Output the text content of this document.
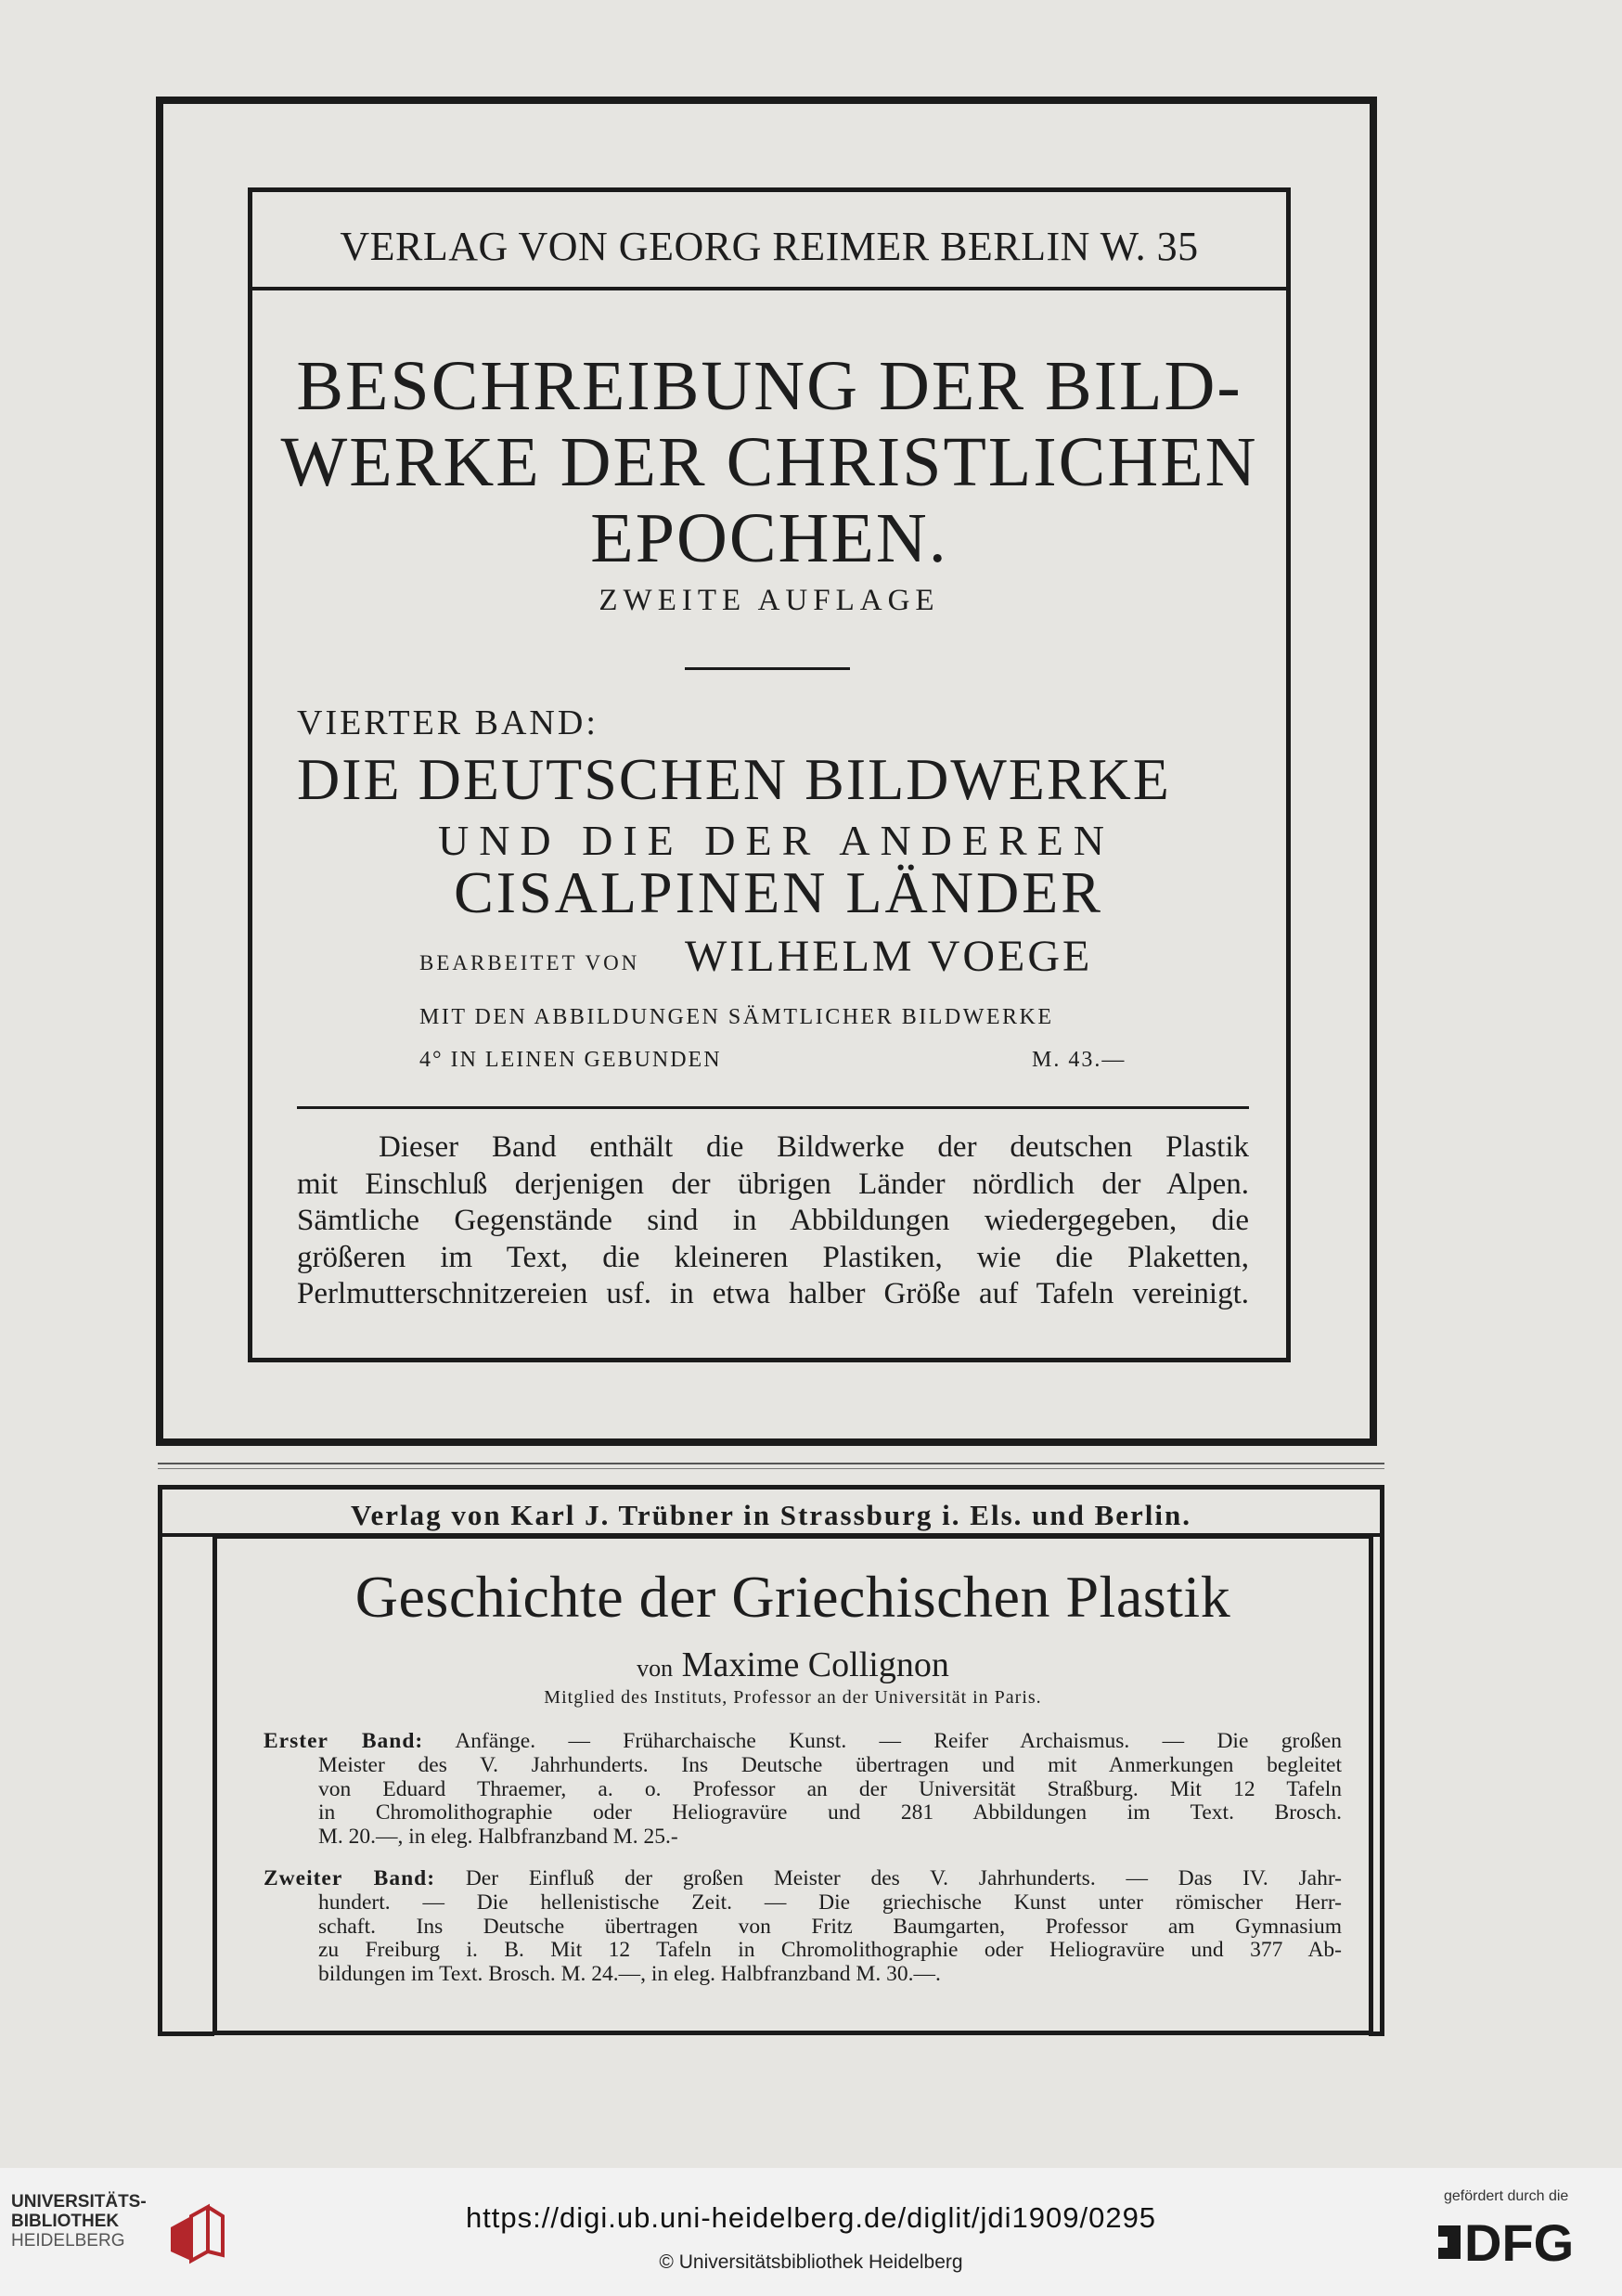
VERLAG VON GEORG REIMER BERLIN W. 35
BESCHREIBUNG DER BILD-
WERKE DER CHRISTLICHEN
EPOCHEN.
ZWEITE AUFLAGE
VIERTER BAND:
DIE DEUTSCHEN BILDWERKE
UND DIE DER ANDEREN
CISALPINEN LÄNDER
BEARBEITET VON WILHELM VOEGE
MIT DEN ABBILDUNGEN SÄMTLICHER BILDWERKE
4° IN LEINEN GEBUNDEN	M. 43.—
Dieser Band enthält die Bildwerke der deutschen Plastik
mit Einschluß derjenigen der übrigen Länder nördlich der Alpen.
Sämtliche Gegenstände sind in Abbildungen wiedergegeben, die
größeren im Text, die kleineren Plastiken, wie die Plaketten,
Perlmutterschnitzereien usf. in etwa halber Größe auf Tafeln vereinigt.
Verlag von Karl J. Trübner in Strassburg i. Els. und Berlin.
Geschichte der Griechischen Plastik
von Maxime Collignon
Mitglied des Instituts, Professor an der Universität in Paris.
Erster Band: Anfänge. — Früharchaische Kunst. — Reifer Archaismus. — Die großen
Meister des V. Jahrhunderts. Ins Deutsche übertragen und mit Anmerkungen begleitet
von Eduard Thraemer, a. o. Professor an der Universität Straßburg. Mit 12 Tafeln
in Chromolithographie oder Heliogravüre und 281 Abbildungen im Text. Brosch.
M. 20.—, in eleg. Halbfranzband M. 25.-
Zweiter Band: Der Einfluß der großen Meister des V. Jahrhunderts. — Das IV. Jahr-
hundert. — Die hellenistische Zeit. — Die griechische Kunst unter römischer Herr-
schaft. Ins Deutsche übertragen von Fritz Baumgarten, Professor am Gymnasium
zu Freiburg i. B. Mit 12 Tafeln in Chromolithographie oder Heliogravüre und 377 Ab-
bildungen im Text. Brosch. M. 24.—, in eleg. Halbfranzband M. 30.—.
UNIVERSITÄTS-
BIBLIOTHEK
HEIDELBERG
https://digi.ub.uni-heidelberg.de/diglit/jdi1909/0295
© Universitätsbibliothek Heidelberg
gefördert durch die
DFG
